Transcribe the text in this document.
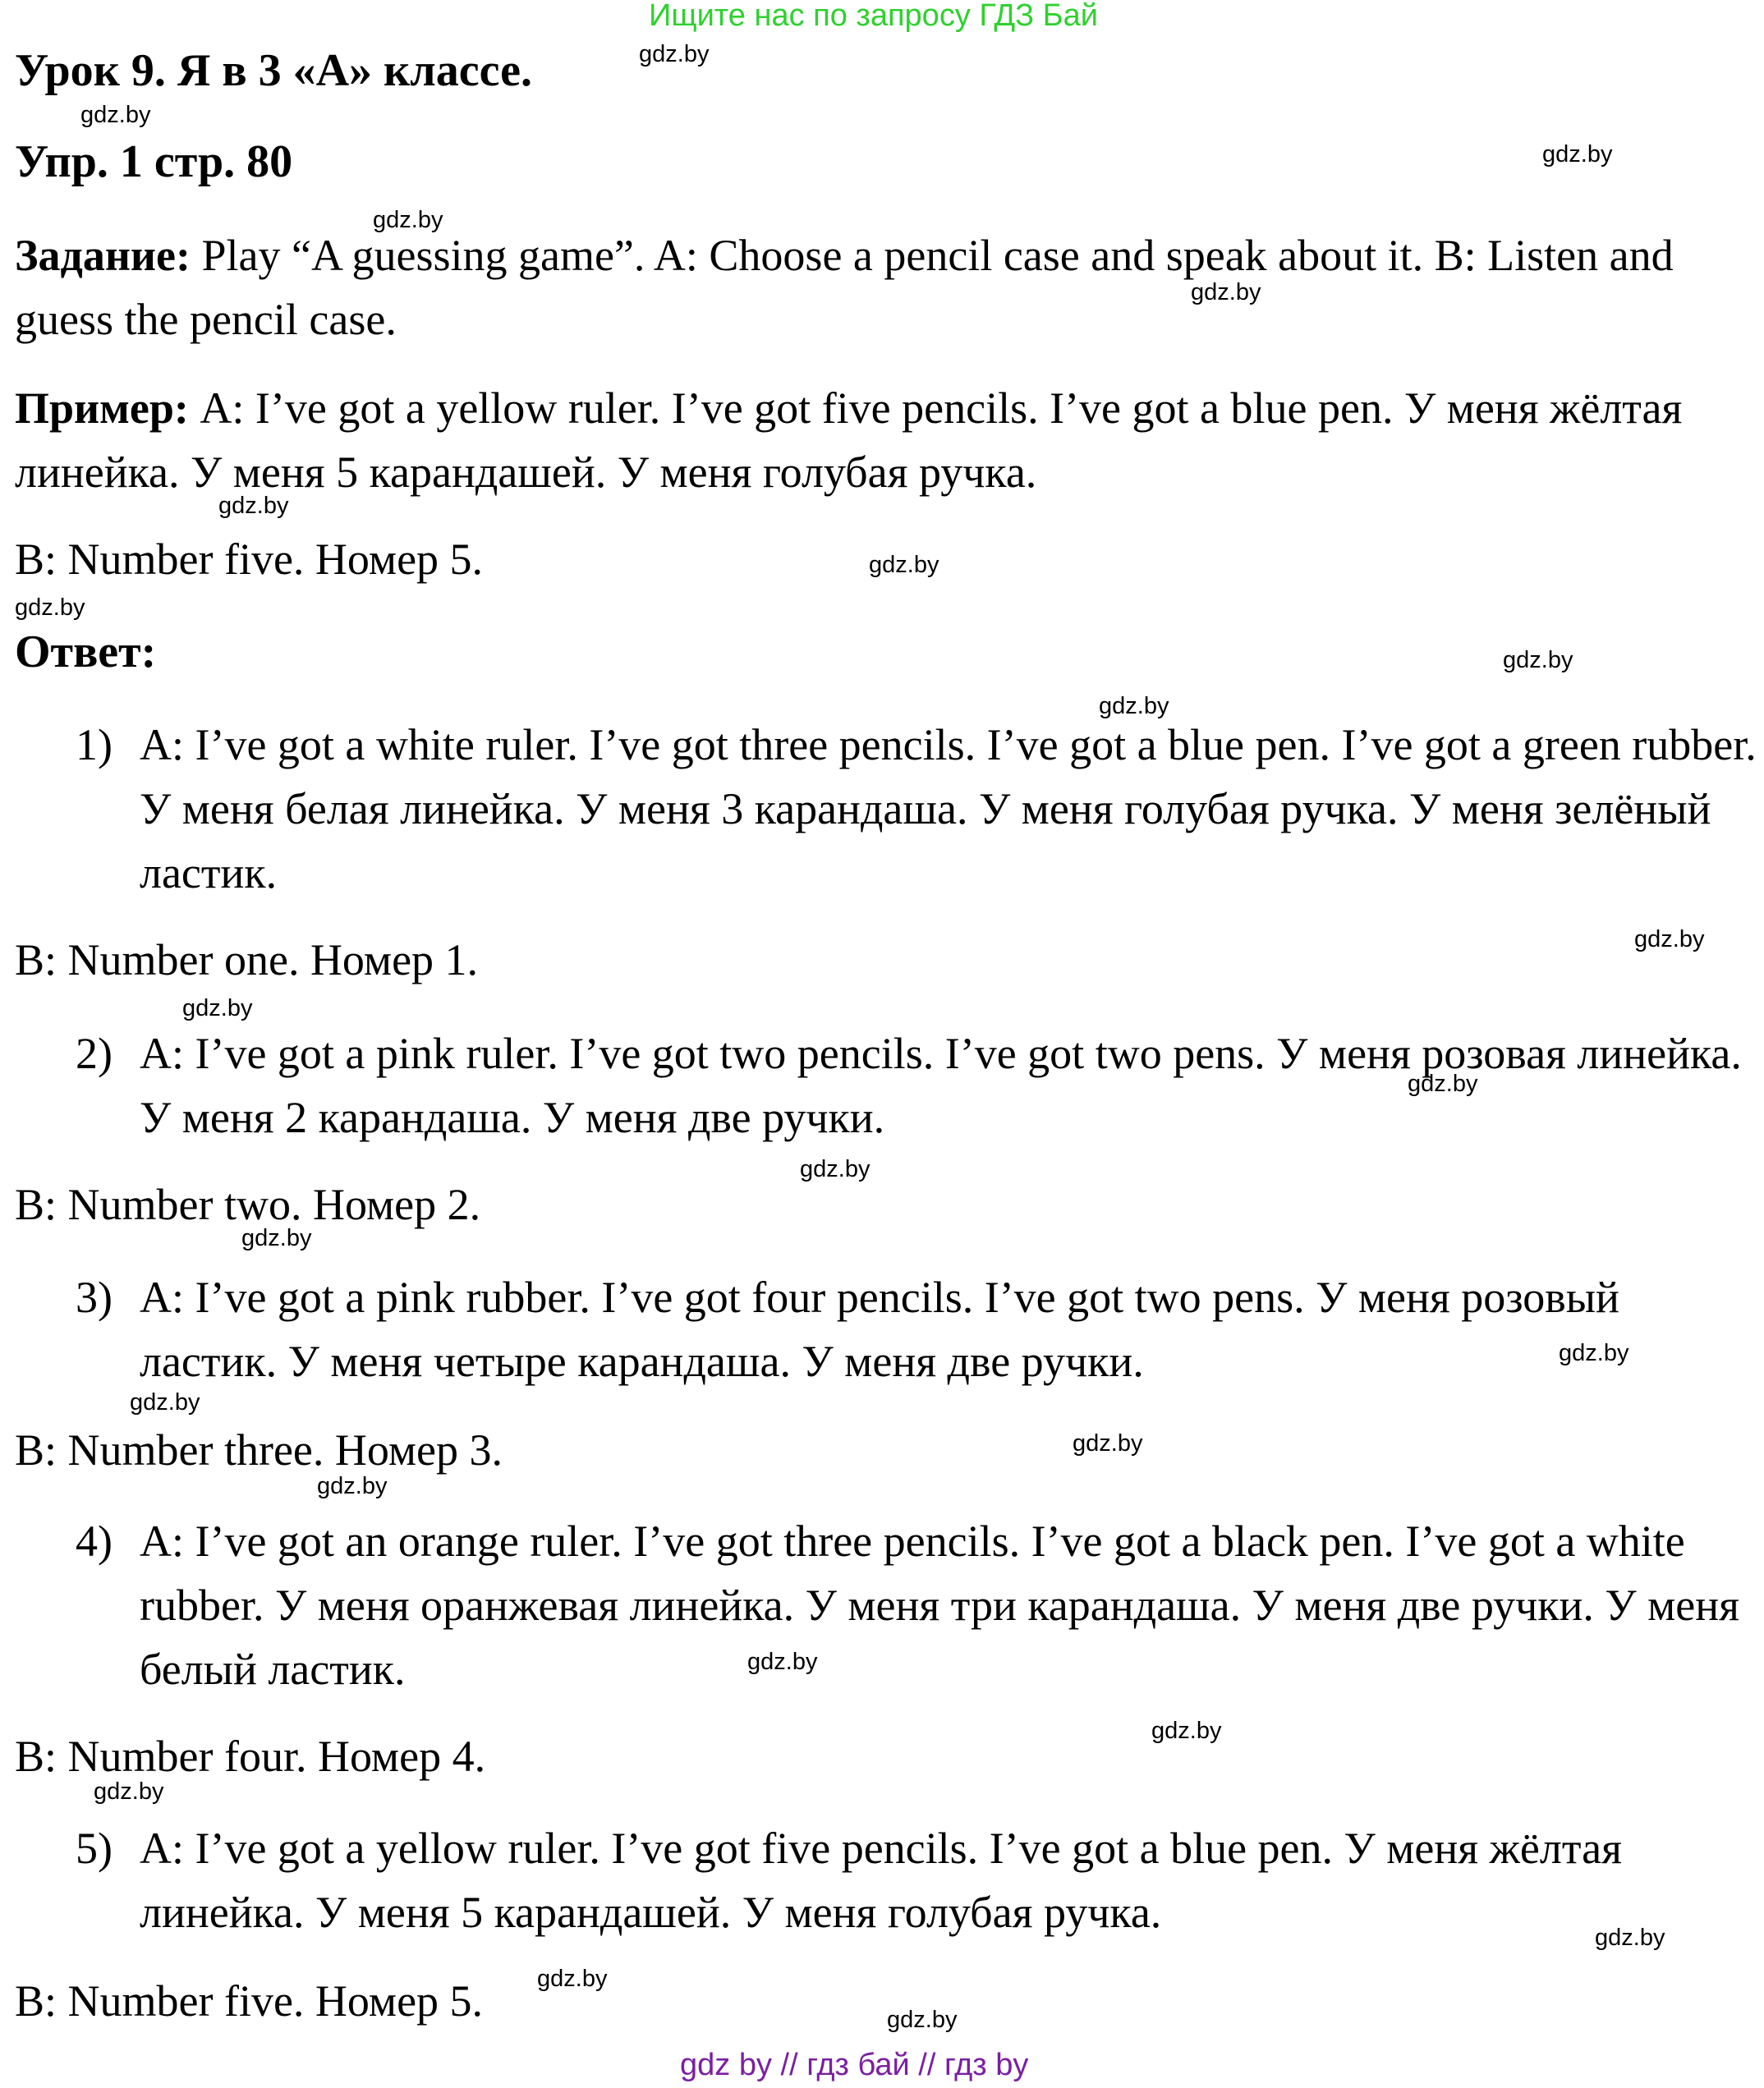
Ищите нас по запросу ГДЗ Бай
Урок 9. Я в 3 «А» классе.
Упр. 1 стр. 80
Задание: Play “A guessing game”. A: Choose a pencil case and speak about it. B: Listen and guess the pencil case.
Пример: A: I’ve got a yellow ruler. I’ve got five pencils. I’ve got a blue pen. У меня жёлтая линейка. У меня 5 карандашей. У меня голубая ручка.
B: Number five. Номер 5.
Ответ:
1) A: I’ve got a white ruler. I’ve got three pencils. I’ve got a blue pen. I’ve got a green rubber. У меня белая линейка. У меня 3 карандаша. У меня голубая ручка. У меня зелёный ластик.
B: Number one. Номер 1.
2) A: I’ve got a pink ruler. I’ve got two pencils. I’ve got two pens. У меня розовая линейка. У меня 2 карандаша. У меня две ручки.
B: Number two. Номер 2.
3) A: I’ve got a pink rubber. I’ve got four pencils. I’ve got two pens. У меня розовый ластик. У меня четыре карандаша. У меня две ручки.
B: Number three. Номер 3.
4) A: I’ve got an orange ruler. I’ve got three pencils. I’ve got a black pen. I’ve got a white rubber. У меня оранжевая линейка. У меня три карандаша. У меня две ручки. У меня белый ластик.
B: Number four. Номер 4.
5) A: I’ve got a yellow ruler. I’ve got five pencils. I’ve got a blue pen. У меня жёлтая линейка. У меня 5 карандашей. У меня голубая ручка.
B: Number five. Номер 5.
gdz.by
gdz.by
gdz.by
gdz.by
gdz.by
gdz.by
gdz.by
gdz.by
gdz.by
gdz.by
gdz.by
gdz.by
gdz.by
gdz.by
gdz.by
gdz.by
gdz.by
gdz.by
gdz.by
gdz.by
gdz.by
gdz.by
gdz.by
gdz.by
gdz.by
gdz by // гдз бай // гдз by
